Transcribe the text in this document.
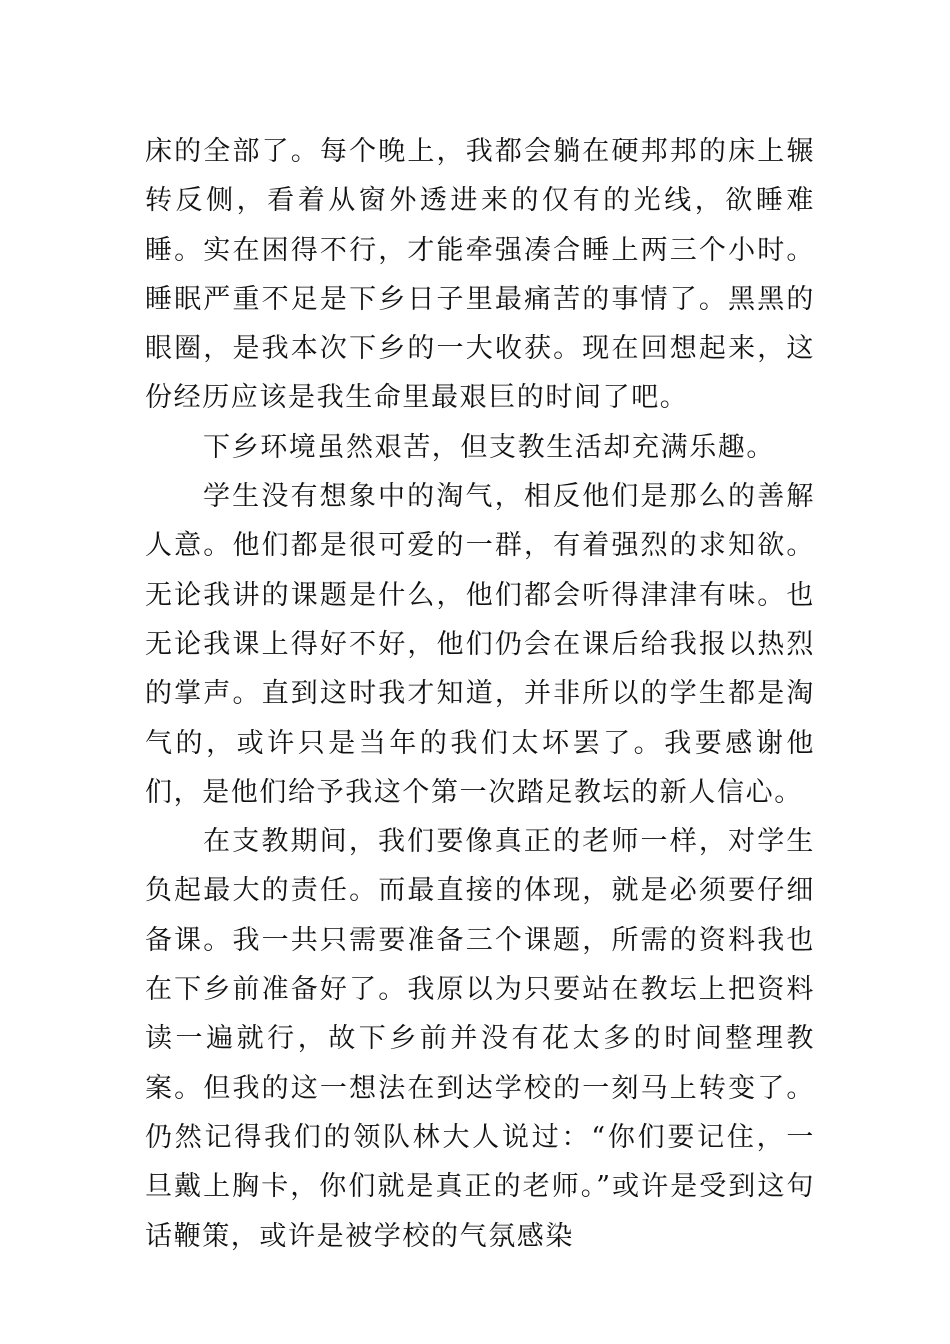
床的全部了。每个晚上，我都会躺在硬邦邦的床上辗转反侧，看着从窗外透进来的仅有的光线，欲睡难睡。实在困得不行，才能牵强凑合睡上两三个小时。睡眠严重不足是下乡日子里最痛苦的事情了。黑黑的眼圈，是我本次下乡的一大收获。现在回想起来，这份经历应该是我生命里最艰巨的时间了吧。

下乡环境虽然艰苦，但支教生活却充满乐趣。

学生没有想象中的淘气，相反他们是那么的善解人意。他们都是很可爱的一群，有着强烈的求知欲。无论我讲的课题是什么，他们都会听得津津有味。也无论我课上得好不好，他们仍会在课后给我报以热烈的掌声。直到这时我才知道，并非所以的学生都是淘气的，或许只是当年的我们太坏罢了。我要感谢他们，是他们给予我这个第一次踏足教坛的新人信心。

在支教期间，我们要像真正的老师一样，对学生负起最大的责任。而最直接的体现，就是必须要仔细备课。我一共只需要准备三个课题，所需的资料我也在下乡前准备好了。我原以为只要站在教坛上把资料读一遍就行，故下乡前并没有花太多的时间整理教案。但我的这一想法在到达学校的一刻马上转变了。仍然记得我们的领队林大人说过：“你们要记住，一旦戴上胸卡，你们就是真正的老师。”或许是受到这句话鞭策，或许是被学校的气氛感染
